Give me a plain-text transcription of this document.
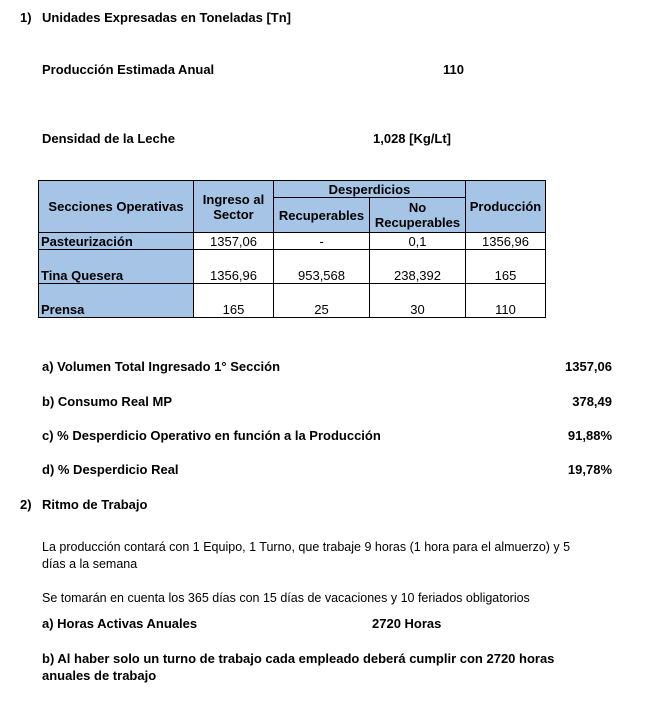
1) Unidades Expresadas en Toneladas [Tn]
Producción Estimada Anual	110
Densidad de la Leche	1,028 [Kg/Lt]
Secciones Operativas	Ingreso al Sector	Desperdicios		Producción
		Recuperables	No Recuperables	
Pasteurización	1357,06	-	0,1	1356,96
Tina Quesera	1356,96	953,568	238,392	165
Prensa	165	25	30	110
a) Volumen Total Ingresado 1° Sección	1357,06
b) Consumo Real MP	378,49
c) % Desperdicio Operativo en función a la Producción	91,88%
d) % Desperdicio Real	19,78%
2) Ritmo de Trabajo
La producción contará con 1 Equipo, 1 Turno, que trabaje 9 horas (1 hora para el almuerzo) y 5
días a la semana
Se tomarán en cuenta los 365 días con 15 días de vacaciones y 10 feriados obligatorios
a) Horas Activas Anuales	2720 Horas
b) Al haber solo un turno de trabajo cada empleado deberá cumplir con 2720 horas
anuales de trabajo
